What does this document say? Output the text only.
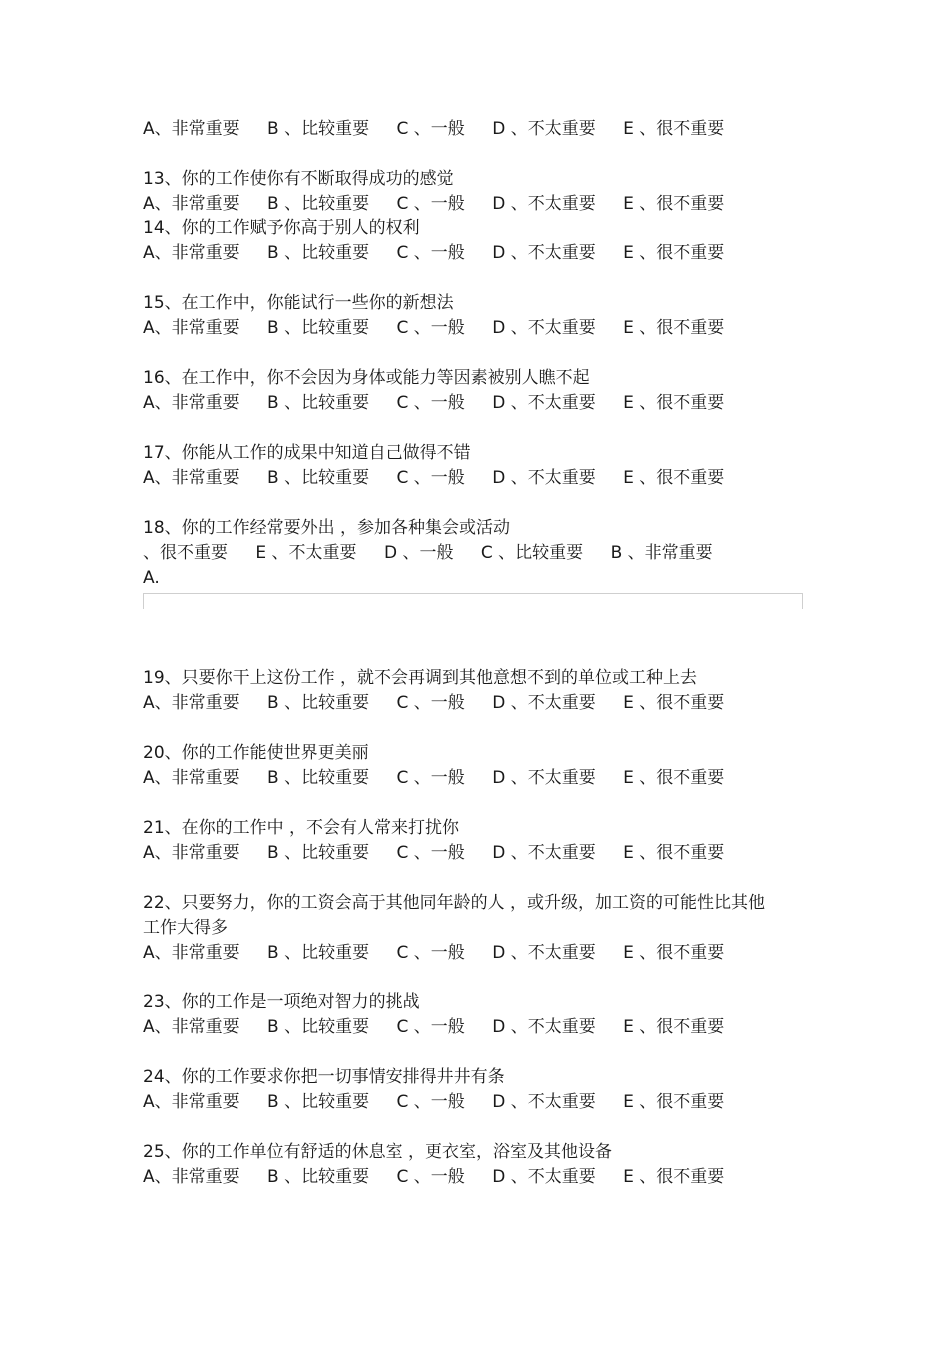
A、非常重要 B 、比较重要 C 、一般 D 、不太重要 E 、很不重要
13、你的工作使你有不断取得成功的感觉
A、非常重要 B 、比较重要 C 、一般 D 、不太重要 E 、很不重要
14、你的工作赋予你高于别人的权利
A、非常重要 B 、比较重要 C 、一般 D 、不太重要 E 、很不重要
15、在工作中，你能试行一些你的新想法
A、非常重要 B 、比较重要 C 、一般 D 、不太重要 E 、很不重要
16、在工作中，你不会因为身体或能力等因素被别人瞧不起
A、非常重要 B 、比较重要 C 、一般 D 、不太重要 E 、很不重要
17、你能从工作的成果中知道自己做得不错
A、非常重要 B 、比较重要 C 、一般 D 、不太重要 E 、很不重要
18、你的工作经常要外出 ，参加各种集会或活动
、很不重要 E 、不太重要 D 、一般 C 、比较重要 B 、非常重要
A.
19、只要你干上这份工作 ，就不会再调到其他意想不到的单位或工种上去
A、非常重要 B 、比较重要 C 、一般 D 、不太重要 E 、很不重要
20、你的工作能使世界更美丽
A、非常重要 B 、比较重要 C 、一般 D 、不太重要 E 、很不重要
21、在你的工作中 ，不会有人常来打扰你
A、非常重要 B 、比较重要 C 、一般 D 、不太重要 E 、很不重要
22、只要努力，你的工资会高于其他同年龄的人 ，或升级，加工资的可能性比其他
工作大得多
A、非常重要 B 、比较重要 C 、一般 D 、不太重要 E 、很不重要
23、你的工作是一项绝对智力的挑战
A、非常重要 B 、比较重要 C 、一般 D 、不太重要 E 、很不重要
24、你的工作要求你把一切事情安排得井井有条
A、非常重要 B 、比较重要 C 、一般 D 、不太重要 E 、很不重要
25、你的工作单位有舒适的休息室 ，更衣室，浴室及其他设备
A、非常重要 B 、比较重要 C 、一般 D 、不太重要 E 、很不重要
